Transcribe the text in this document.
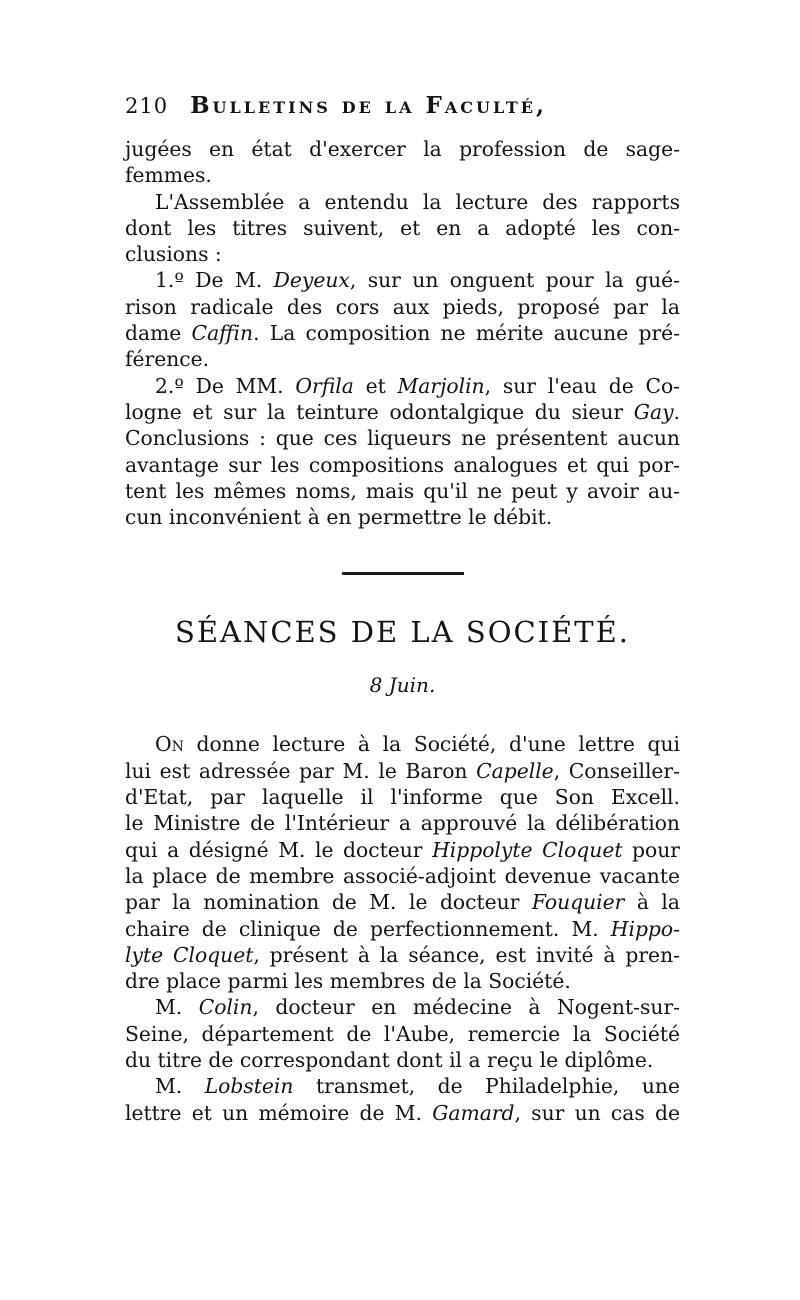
210 Bulletins de la Faculté,

jugées en état d'exercer la profession de sage-
femmes.

L'Assemblée a entendu la lecture des rapports
dont les titres suivent, et en a adopté les con-
clusions :

1.º De M. Deyeux, sur un onguent pour la gué-
rison radicale des cors aux pieds, proposé par la
dame Caffin. La composition ne mérite aucune pré-
férence.

2.º De MM. Orfila et Marjolin, sur l'eau de Co-
logne et sur la teinture odontalgique du sieur Gay.
Conclusions : que ces liqueurs ne présentent aucun
avantage sur les compositions analogues et qui por-
tent les mêmes noms, mais qu'il ne peut y avoir au-
cun inconvénient à en permettre le débit.

SÉANCES DE LA SOCIÉTÉ.
8 Juin.

On donne lecture à la Société, d'une lettre qui
lui est adressée par M. le Baron Capelle, Conseiller-
d'Etat, par laquelle il l'informe que Son Excell.
le Ministre de l'Intérieur a approuvé la délibération
qui a désigné M. le docteur Hippolyte Cloquet pour
la place de membre associé-adjoint devenue vacante
par la nomination de M. le docteur Fouquier à la
chaire de clinique de perfectionnement. M. Hippo-
lyte Cloquet, présent à la séance, est invité à pren-
dre place parmi les membres de la Société.

M. Colin, docteur en médecine à Nogent-sur-
Seine, département de l'Aube, remercie la Société
du titre de correspondant dont il a reçu le diplôme.

M. Lobstein transmet, de Philadelphie, une
lettre et un mémoire de M. Gamard, sur un cas de
